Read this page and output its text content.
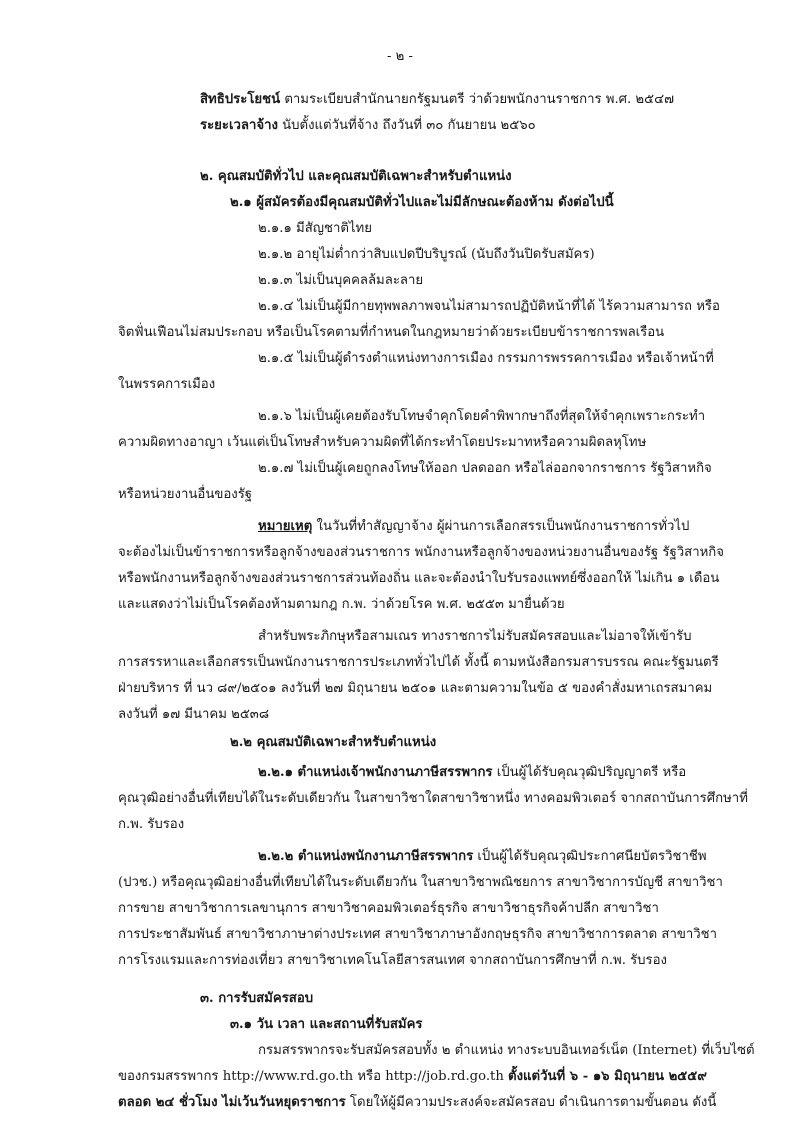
- ๒ -
สิทธิประโยชน์ ตามระเบียบสำนักนายกรัฐมนตรี ว่าด้วยพนักงานราชการ พ.ศ. ๒๕๔๗
ระยะเวลาจ้าง นับตั้งแต่วันที่จ้าง ถึงวันที่ ๓๐ กันยายน ๒๕๖๐
๒. คุณสมบัติทั่วไป และคุณสมบัติเฉพาะสำหรับตำแหน่ง
๒.๑ ผู้สมัครต้องมีคุณสมบัติทั่วไปและไม่มีลักษณะต้องห้าม ดังต่อไปนี้
๒.๑.๑ มีสัญชาติไทย
๒.๑.๒ อายุไม่ต่ำกว่าสิบแปดปีบริบูรณ์ (นับถึงวันปิดรับสมัคร)
๒.๑.๓ ไม่เป็นบุคคลล้มละลาย
๒.๑.๔ ไม่เป็นผู้มีกายทุพพลภาพจนไม่สามารถปฏิบัติหน้าที่ได้ ไร้ความสามารถ หรือ
จิตฟั่นเฟือนไม่สมประกอบ หรือเป็นโรคตามที่กำหนดในกฎหมายว่าด้วยระเบียบข้าราชการพลเรือน
๒.๑.๕ ไม่เป็นผู้ดำรงตำแหน่งทางการเมือง กรรมการพรรคการเมือง หรือเจ้าหน้าที่
ในพรรคการเมือง
๒.๑.๖ ไม่เป็นผู้เคยต้องรับโทษจำคุกโดยคำพิพากษาถึงที่สุดให้จำคุกเพราะกระทำ
ความผิดทางอาญา เว้นแต่เป็นโทษสำหรับความผิดที่ได้กระทำโดยประมาทหรือความผิดลหุโทษ
๒.๑.๗ ไม่เป็นผู้เคยถูกลงโทษให้ออก ปลดออก หรือไล่ออกจากราชการ รัฐวิสาหกิจ
หรือหน่วยงานอื่นของรัฐ
หมายเหตุ ในวันที่ทำสัญญาจ้าง ผู้ผ่านการเลือกสรรเป็นพนักงานราชการทั่วไป
จะต้องไม่เป็นข้าราชการหรือลูกจ้างของส่วนราชการ พนักงานหรือลูกจ้างของหน่วยงานอื่นของรัฐ รัฐวิสาหกิจ
หรือพนักงานหรือลูกจ้างของส่วนราชการส่วนท้องถิ่น และจะต้องนำใบรับรองแพทย์ซึ่งออกให้ ไม่เกิน ๑ เดือน
และแสดงว่าไม่เป็นโรคต้องห้ามตามกฎ ก.พ. ว่าด้วยโรค พ.ศ. ๒๕๕๓ มายื่นด้วย
สำหรับพระภิกษุหรือสามเณร ทางราชการไม่รับสมัครสอบและไม่อาจให้เข้ารับ
การสรรหาและเลือกสรรเป็นพนักงานราชการประเภททั่วไปได้ ทั้งนี้ ตามหนังสือกรมสารบรรณ คณะรัฐมนตรี
ฝ่ายบริหาร ที่ นว ๘๙/๒๕๐๑ ลงวันที่ ๒๗ มิถุนายน ๒๕๐๑ และตามความในข้อ ๕ ของคำสั่งมหาเถรสมาคม
ลงวันที่ ๑๗ มีนาคม ๒๕๓๘
๒.๒ คุณสมบัติเฉพาะสำหรับตำแหน่ง
๒.๒.๑ ตำแหน่งเจ้าพนักงานภาษีสรรพากร เป็นผู้ได้รับคุณวุฒิปริญญาตรี หรือ
คุณวุฒิอย่างอื่นที่เทียบได้ในระดับเดียวกัน ในสาขาวิชาใดสาขาวิชาหนึ่ง ทางคอมพิวเตอร์ จากสถาบันการศึกษาที่
ก.พ. รับรอง
๒.๒.๒ ตำแหน่งพนักงานภาษีสรรพากร เป็นผู้ได้รับคุณวุฒิประกาศนียบัตรวิชาชีพ
(ปวช.) หรือคุณวุฒิอย่างอื่นที่เทียบได้ในระดับเดียวกัน ในสาขาวิชาพณิชยการ สาขาวิชาการบัญชี สาขาวิชา
การขาย สาขาวิชาการเลขานุการ สาขาวิชาคอมพิวเตอร์ธุรกิจ สาขาวิชาธุรกิจค้าปลีก สาขาวิชา
การประชาสัมพันธ์ สาขาวิชาภาษาต่างประเทศ สาขาวิชาภาษาอังกฤษธุรกิจ สาขาวิชาการตลาด สาขาวิชา
การโรงแรมและการท่องเที่ยว สาขาวิชาเทคโนโลยีสารสนเทศ จากสถาบันการศึกษาที่ ก.พ. รับรอง
๓. การรับสมัครสอบ
๓.๑ วัน เวลา และสถานที่รับสมัคร
กรมสรรพากรจะรับสมัครสอบทั้ง ๒ ตำแหน่ง ทางระบบอินเทอร์เน็ต (Internet) ที่เว็บไซต์
ของกรมสรรพากร http://www.rd.go.th หรือ http://job.rd.go.th ตั้งแต่วันที่ ๖ - ๑๖ มิถุนายน ๒๕๕๙
ตลอด ๒๔ ชั่วโมง ไม่เว้นวันหยุดราชการ โดยให้ผู้มีความประสงค์จะสมัครสอบ ดำเนินการตามขั้นตอน ดังนี้
